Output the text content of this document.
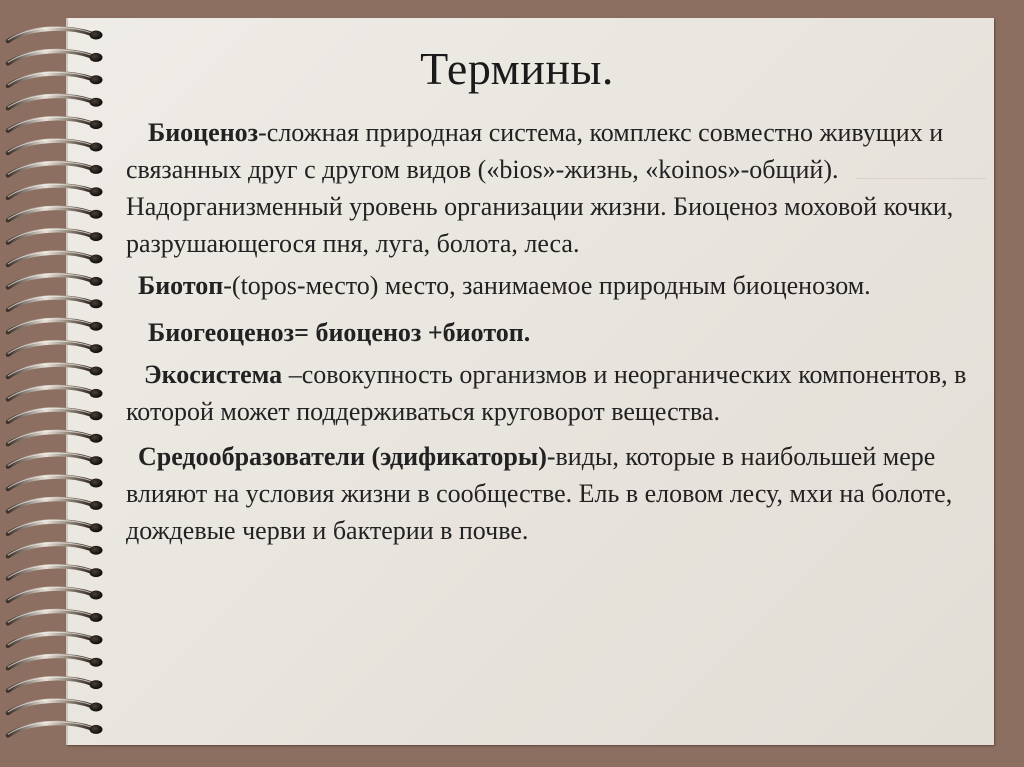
Термины.

Биоценоз-сложная природная система, комплекс совместно живущих и связанных друг с другом видов («bios»-жизнь, «koinos»-общий). Надорганизменный уровень организации жизни. Биоценоз моховой кочки, разрушающегося пня, луга, болота, леса.

Биотоп-(topos-место) место, занимаемое природным биоценозом.

Биогеоценоз= биоценоз +биотоп.

Экосистема –совокупность организмов и неорганических компонентов, в которой может поддерживаться круговорот вещества.

Средообразователи (эдификаторы)-виды, которые в наибольшей мере влияют на условия жизни в сообществе. Ель в еловом лесу, мхи на болоте, дождевые черви и бактерии в почве.
